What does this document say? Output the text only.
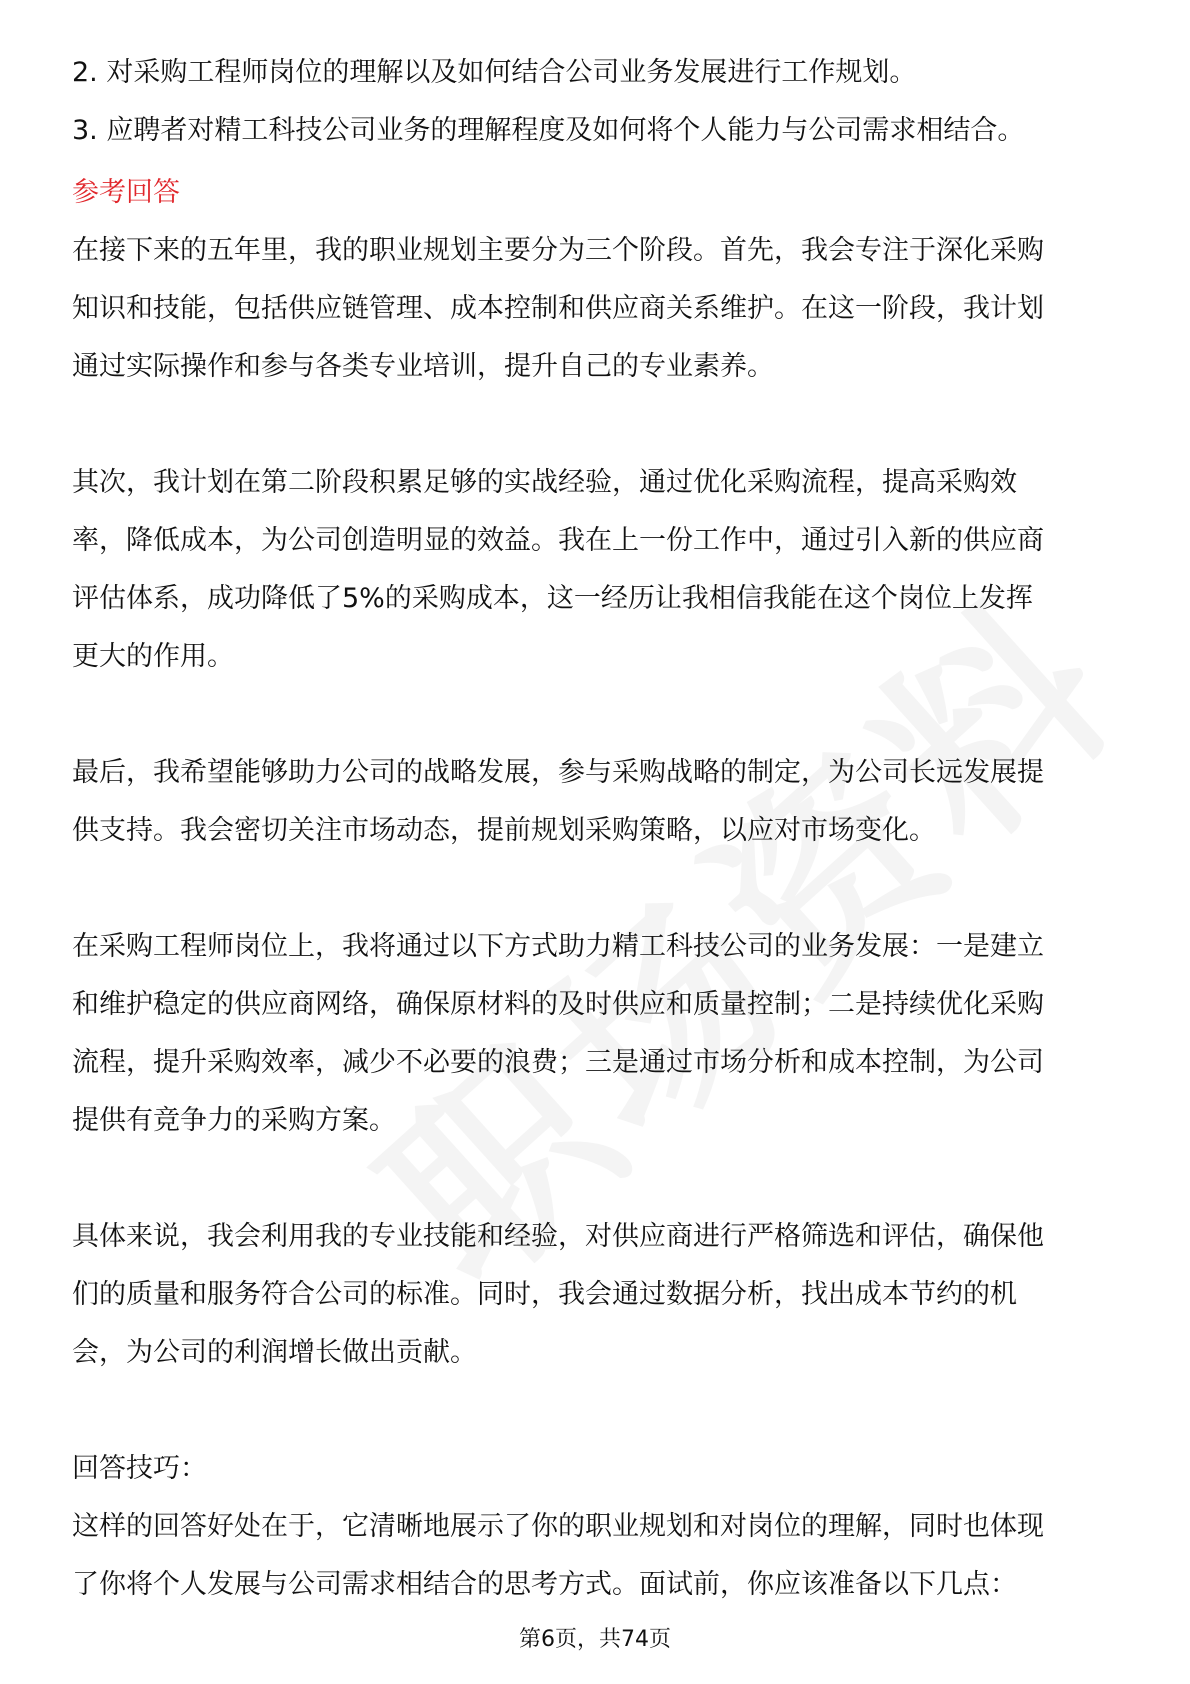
2. 对采购工程师岗位的理解以及如何结合公司业务发展进行工作规划。

3. 应聘者对精工科技公司业务的理解程度及如何将个人能力与公司需求相结合。

参考回答

在接下来的五年里，我的职业规划主要分为三个阶段。首先，我会专注于深化采购

知识和技能，包括供应链管理、成本控制和供应商关系维护。在这一阶段，我计划

通过实际操作和参与各类专业培训，提升自己的专业素养。

其次，我计划在第二阶段积累足够的实战经验，通过优化采购流程，提高采购效

率，降低成本，为公司创造明显的效益。我在上一份工作中，通过引入新的供应商

评估体系，成功降低了5%的采购成本，这一经历让我相信我能在这个岗位上发挥

更大的作用。

最后，我希望能够助力公司的战略发展，参与采购战略的制定，为公司长远发展提

供支持。我会密切关注市场动态，提前规划采购策略，以应对市场变化。

在采购工程师岗位上，我将通过以下方式助力精工科技公司的业务发展：一是建立

和维护稳定的供应商网络，确保原材料的及时供应和质量控制；二是持续优化采购

流程，提升采购效率，减少不必要的浪费；三是通过市场分析和成本控制，为公司

提供有竞争力的采购方案。

具体来说，我会利用我的专业技能和经验，对供应商进行严格筛选和评估，确保他

们的质量和服务符合公司的标准。同时，我会通过数据分析，找出成本节约的机

会，为公司的利润增长做出贡献。

回答技巧：

这样的回答好处在于，它清晰地展示了你的职业规划和对岗位的理解，同时也体现

了你将个人发展与公司需求相结合的思考方式。面试前，你应该准备以下几点：

第6页，共74页
